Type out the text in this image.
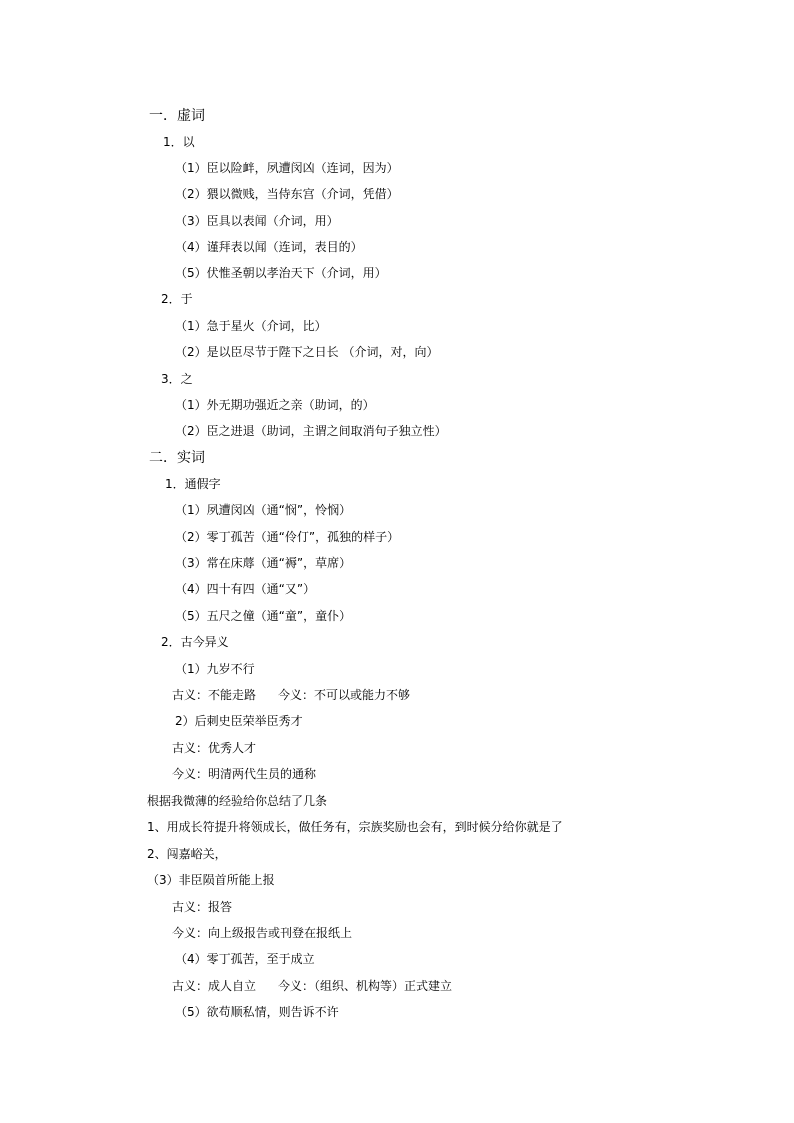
一．虚词
1．以
（1）臣以险衅，夙遭闵凶（连词，因为）
（2）猥以微贱，当侍东宫（介词，凭借）
（3）臣具以表闻（介词，用）
（4）谨拜表以闻（连词，表目的）
（5）伏惟圣朝以孝治天下（介词，用）
2．于
（1）急于星火（介词，比）
（2）是以臣尽节于陛下之日长 （介词，对，向）
3．之
（1）外无期功强近之亲（助词，的）
（2）臣之进退（助词，主谓之间取消句子独立性）
二．实词
1．通假字
（1）夙遭闵凶（通“悯”，怜悯）
（2）零丁孤苦（通“伶仃”，孤独的样子）
（3）常在床蓐（通“褥”，草席）
（4）四十有四（通“又”）
（5）五尺之僮（通“童”，童仆）
2．古今异义
（1）九岁不行
古义：不能走路 今义：不可以或能力不够
2）后刺史臣荣举臣秀才
古义：优秀人才
今义：明清两代生员的通称
根据我微薄的经验给你总结了几条
1、用成长符提升将领成长，做任务有，宗族奖励也会有，到时候分给你就是了
2、闯嘉峪关，
（3）非臣陨首所能上报
古义：报答
今义：向上级报告或刊登在报纸上
（4）零丁孤苦，至于成立
古义：成人自立 今义：（组织、机构等）正式建立
（5）欲苟顺私情，则告诉不许
